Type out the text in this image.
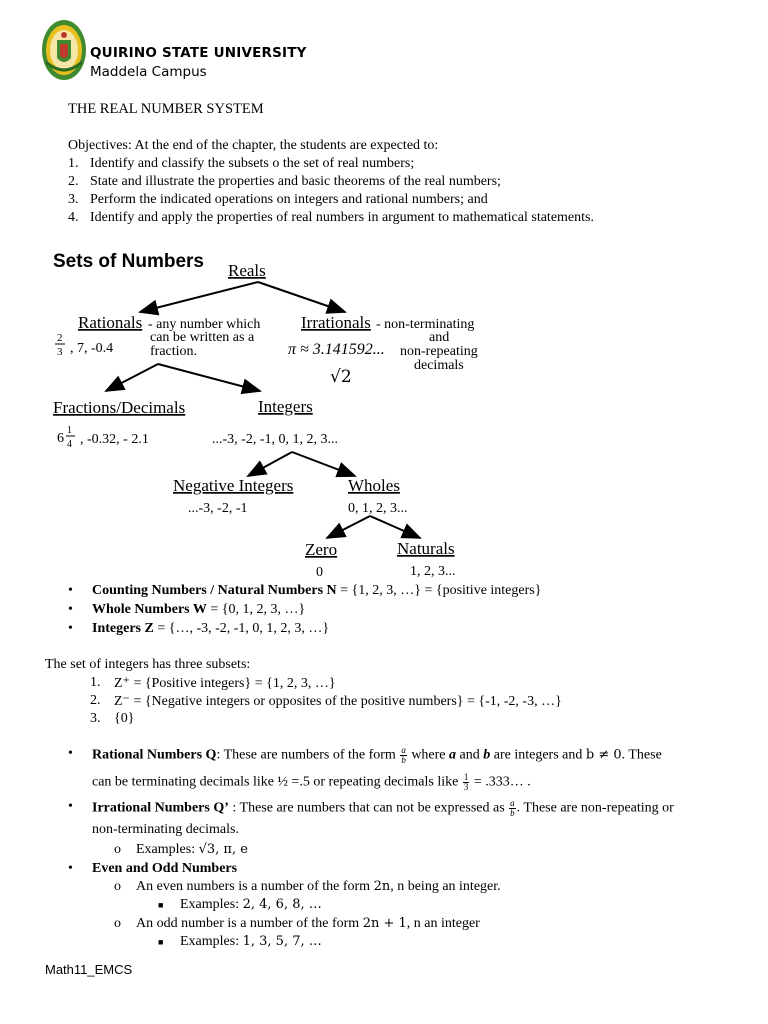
QUIRINO STATE UNIVERSITY
Maddela Campus
THE REAL NUMBER SYSTEM
Objectives: At the end of the chapter, the students are expected to:
1. Identify and classify the subsets o the set of real numbers;
2. State and illustrate the properties and basic theorems of the real numbers;
3. Perform the indicated operations on integers and rational numbers; and
4. Identify and apply the properties of real numbers in argument to mathematical statements.
Sets of Numbers Reals
Rationals - any number which
can be written as a
fraction.
2
3 , 7, -0.4
Irrationals - non-terminating
and
non-repeating
decimals
π ≈ 3.141592...
√2
Fractions/Decimals
6
1
4 , -0.32, - 2.1
Integers
...-3, -2, -1, 0, 1, 2, 3...
Negative Integers
...-3, -2, -1
Wholes
0, 1, 2, 3...
Zero
0
Naturals
1, 2, 3...
• Counting Numbers / Natural Numbers N = {1, 2, 3, …} = {positive integers}
• Whole Numbers W = {0, 1, 2, 3, …}
• Integers Z = {…, -3, -2, -1, 0, 1, 2, 3, …}
The set of integers has three subsets:
1. Z⁺ = {Positive integers} = {1, 2, 3, …}
2. Z⁻ = {Negative integers or opposites of the positive numbers} = {-1, -2, -3, …}
3. {0}
• Rational Numbers Q: These are numbers of the form $\frac{a}{b}$ where a and b are integers and b ≠ 0. These
can be terminating decimals like ½ =.5 or repeating decimals like $\frac{1}{3}$ = .333… .
• Irrational Numbers Q’ : These are numbers that can not be expressed as $\frac{a}{b}$ . These are non-repeating or
non-terminating decimals.
o Examples: √3, π, e
• Even and Odd Numbers
o An even numbers is a number of the form 2n, n being an integer.
■ Examples: 2, 4, 6, 8, …
o An odd number is a number of the form 2n + 1, n an integer
■ Examples: 1, 3, 5, 7, …
Math11_EMCS
